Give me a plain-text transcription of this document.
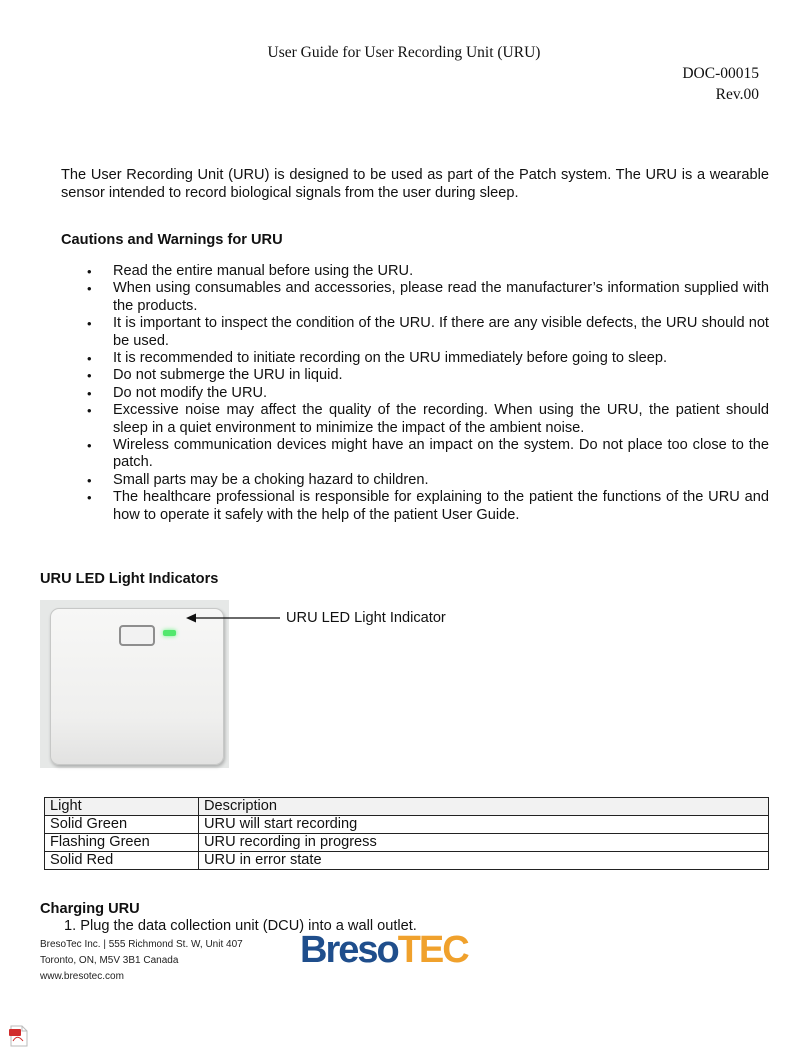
User Guide for User Recording Unit (URU)
DOC-00015
Rev.00
The User Recording Unit (URU) is designed to be used as part of the Patch system. The URU is a wearable sensor intended to record biological signals from the user during sleep.
Cautions and Warnings for URU
• Read the entire manual before using the URU.
• When using consumables and accessories, please read the manufacturer’s information supplied with the products.
• It is important to inspect the condition of the URU. If there are any visible defects, the URU should not be used.
• It is recommended to initiate recording on the URU immediately before going to sleep.
• Do not submerge the URU in liquid.
• Do not modify the URU.
• Excessive noise may affect the quality of the recording. When using the URU, the patient should sleep in a quiet environment to minimize the impact of the ambient noise.
• Wireless communication devices might have an impact on the system. Do not place too close to the patch.
• Small parts may be a choking hazard to children.
• The healthcare professional is responsible for explaining to the patient the functions of the URU and how to operate it safely with the help of the patient User Guide.
URU LED Light Indicators
URU LED Light Indicator
Light	Description
Solid Green	URU will start recording
Flashing Green	URU recording in progress
Solid Red	URU in error state
Charging URU
1. Plug the data collection unit (DCU) into a wall outlet.
BresoTec Inc. | 555 Richmond St. W, Unit 407
Toronto, ON, M5V 3B1 Canada
www.bresotec.com
BresoTEC
